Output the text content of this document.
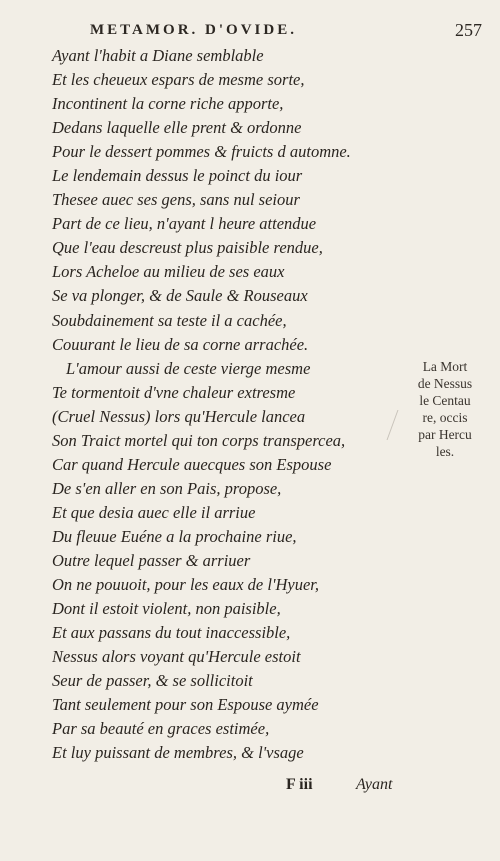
METAMOR. D'OVIDE.	257
Ayant l'habit a Diane semblable
Et les cheueux espars de mesme sorte,
Incontinent la corne riche apporte,
Dedans laquelle elle prent & ordonne
Pour le dessert pommes & fruicts d automne.
Le lendemain dessus le poinct du iour
Thesee auec ses gens, sans nul seiour
Part de ce lieu, n'ayant l heure attendue
Que l'eau descreust plus paisible rendue,
Lors Acheloe au milieu de ses eaux
Se va plonger, & de Saule & Rouseaux
Soubdainement sa teste il a cachée,
Couurant le lieu de sa corne arrachée.
L'amour aussi de ceste vierge mesme
Te tormentoit d'vne chaleur extresme
(Cruel Nessus) lors qu'Hercule lancea
Son Traict mortel qui ton corps transpercea,
Car quand Hercule auecques son Espouse
De s'en aller en son Pais, propose,
Et que desia auec elle il arriue
Du fleuue Euéne a la prochaine riue,
Outre lequel passer & arriuer
On ne pouuoit, pour les eaux de l'Hyuer,
Dont il estoit violent, non paisible,
Et aux passans du tout inaccessible,
Nessus alors voyant qu'Hercule estoit
Seur de passer, & se sollicitoit
Tant seulement pour son Espouse aymée
Par sa beauté en graces estimée,
Et luy puissant de membres, & l'vsage
La Mort
de Nessus
le Centau
re, occis
par Hercu
les.
F iii	Ayant
